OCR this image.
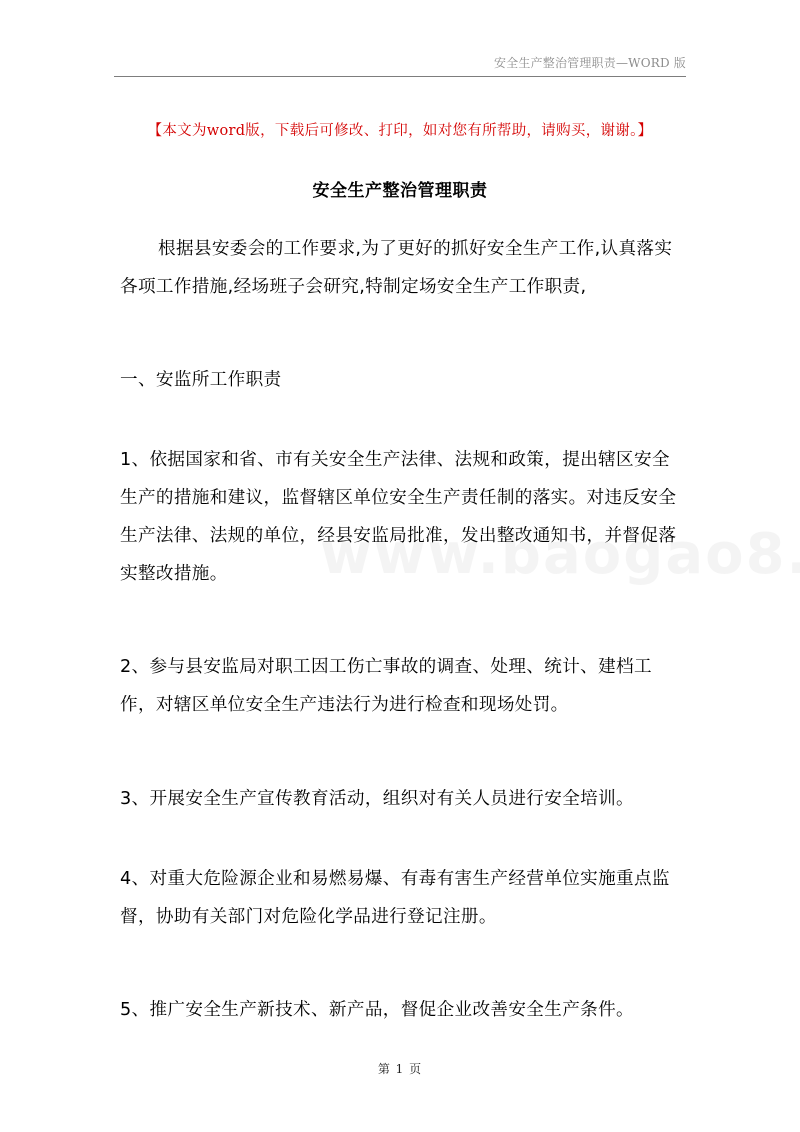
安全生产整治管理职责—WORD 版
【本文为word版，下载后可修改、打印，如对您有所帮助，请购买，谢谢。】
安全生产整治管理职责

根据县安委会的工作要求,为了更好的抓好安全生产工作,认真落实各项工作措施,经场班子会研究,特制定场安全生产工作职责,

一、安监所工作职责

1、依据国家和省、市有关安全生产法律、法规和政策，提出辖区安全生产的措施和建议，监督辖区单位安全生产责任制的落实。对违反安全生产法律、法规的单位，经县安监局批准，发出整改通知书，并督促落实整改措施。

2、参与县安监局对职工因工伤亡事故的调查、处理、统计、建档工作，对辖区单位安全生产违法行为进行检查和现场处罚。

3、开展安全生产宣传教育活动，组织对有关人员进行安全培训。

4、对重大危险源企业和易燃易爆、有毒有害生产经营单位实施重点监督，协助有关部门对危险化学品进行登记注册。

5、推广安全生产新技术、新产品，督促企业改善安全生产条件。

第 1 页
